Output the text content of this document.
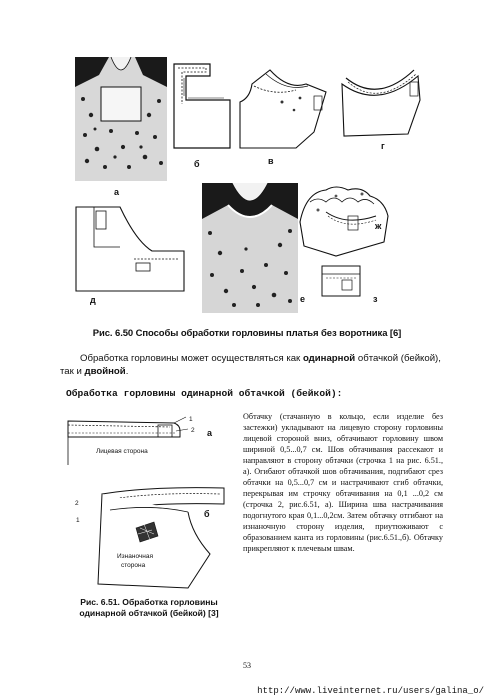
а
б	в
г
д	е
ж
з
Рис. 6.50 Способы обработки горловины платья без воротника [6]
Обработка горловины может осуществляться как одинарной обтачкой (бейкой), так и двойной.
Обработка горловины одинарной обтачкой (бейкой):
1
2
Лицевая сторона
а
2
1
б
Изнаночная
сторона
Рис. 6.51. Обработка горловины
одинарной обтачкой (бейкой) [3]
Обтачку (стачанную в кольцо, если изделие без застежки) укладывают на лицевую сторону горловины лицевой стороной вниз, обтачивают горловину швом шириной 0,5...0,7 см. Шов обтачивания рассекают и направляют в сторону обтачки (строчка 1 на рис. 6.51., а). Огибают обтачкой шов обтачивания, подгибают срез обтачки на 0,5...0,7 см и настрачивают сгиб обтачки, перекрывая им строчку обтачивания на 0,1 ...0,2 см (строчка 2, рис.6.51, а). Ширина шва настрачивания подогнутого края 0,1...0,2см. Затем обтачку отгибают на изнаночную сторону изделия, приутюживают с образованием канта из горловины (рис.6.51.,б). Обтачку прикрепляют к плечевым швам.
53
http://www.liveinternet.ru/users/galina_o/
